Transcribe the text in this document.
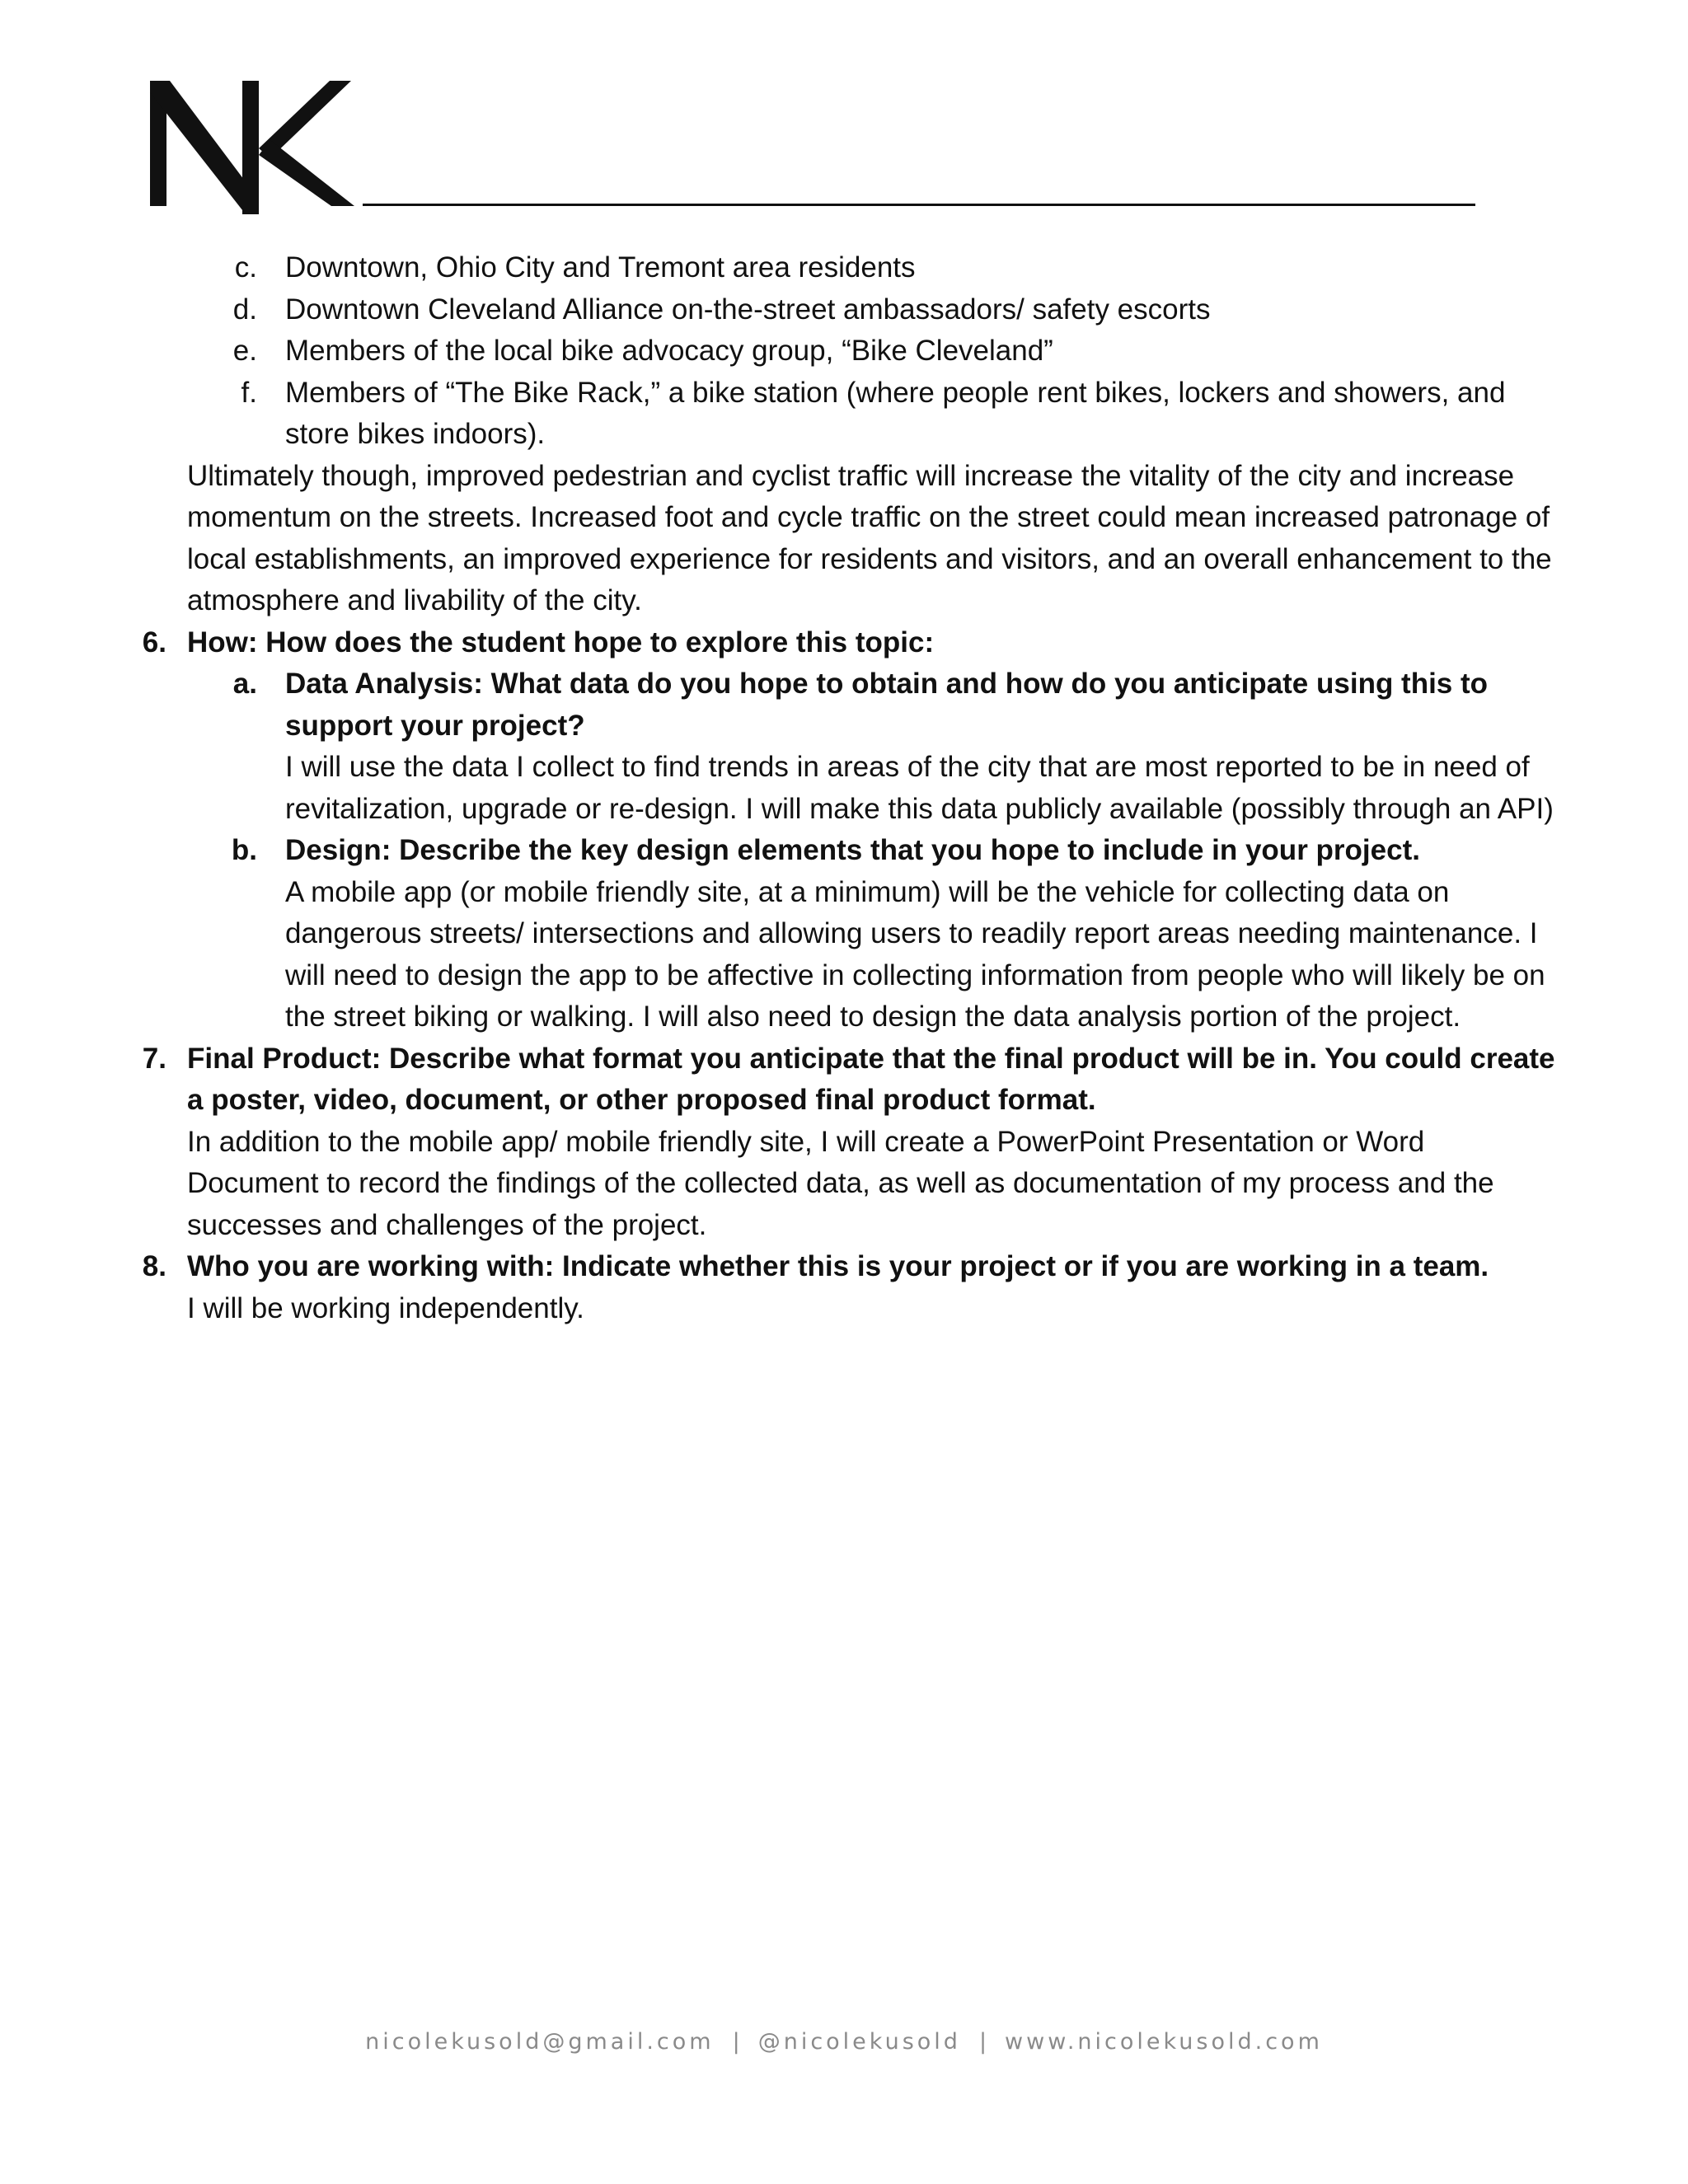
c. Downtown, Ohio City and Tremont area residents
d. Downtown Cleveland Alliance on-the-street ambassadors/ safety escorts
e. Members of the local bike advocacy group, “Bike Cleveland”
f. Members of “The Bike Rack,” a bike station (where people rent bikes, lockers and showers, and store bikes indoors).
Ultimately though, improved pedestrian and cyclist traffic will increase the vitality of the city and increase momentum on the streets. Increased foot and cycle traffic on the street could mean increased patronage of local establishments, an improved experience for residents and visitors, and an overall enhancement to the atmosphere and livability of the city.
6. How: How does the student hope to explore this topic:
a. Data Analysis: What data do you hope to obtain and how do you anticipate using this to support your project?
I will use the data I collect to find trends in areas of the city that are most reported to be in need of revitalization, upgrade or re-design. I will make this data publicly available (possibly through an API)
b. Design: Describe the key design elements that you hope to include in your project.
A mobile app (or mobile friendly site, at a minimum) will be the vehicle for collecting data on dangerous streets/ intersections and allowing users to readily report areas needing maintenance. I will need to design the app to be affective in collecting information from people who will likely be on the street biking or walking. I will also need to design the data analysis portion of the project.
7. Final Product: Describe what format you anticipate that the final product will be in. You could create a poster, video, document, or other proposed final product format.
In addition to the mobile app/ mobile friendly site, I will create a PowerPoint Presentation or Word Document to record the findings of the collected data, as well as documentation of my process and the successes and challenges of the project.
8. Who you are working with: Indicate whether this is your project or if you are working in a team.
I will be working independently.
nicolekusold@gmail.com | @nicolekusold | www.nicolekusold.com
